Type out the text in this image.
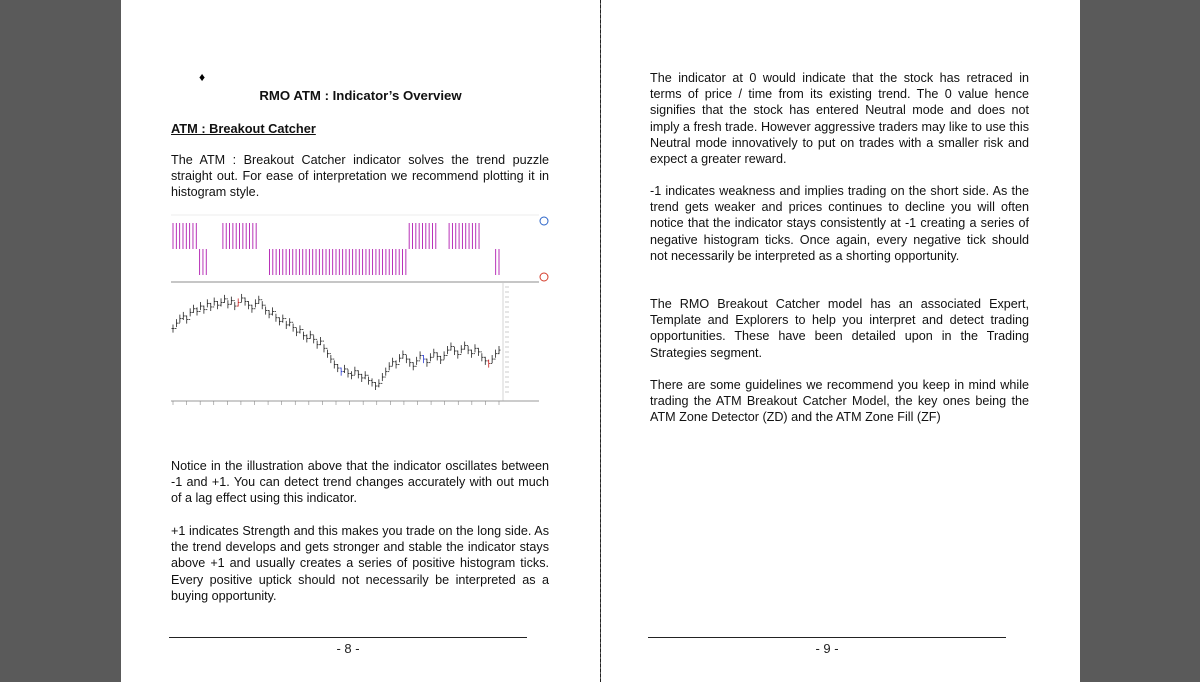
♦
RMO ATM : Indicator’s Overview
ATM : Breakout Catcher

The ATM : Breakout Catcher indicator solves the trend puzzle straight out. For ease of interpretation we recommend plotting it in histogram style.

Notice in the illustration above that the indicator oscillates between -1 and +1. You can detect trend changes accurately with out much of a lag effect using this indicator.

+1 indicates Strength and this makes you trade on the long side. As the trend develops and gets stronger and stable the indicator stays above +1 and usually creates a series of positive histogram ticks. Every positive uptick should not necessarily be interpreted as a buying opportunity.

- 8 -

The indicator at 0 would indicate that the stock has retraced in terms of price / time from its existing trend. The 0 value hence signifies that the stock has entered Neutral mode and does not imply a fresh trade. However aggressive traders may like to use this Neutral mode innovatively to put on trades with a smaller risk and expect a greater reward.

-1 indicates weakness and implies trading on the short side. As the trend gets weaker and prices continues to decline you will often notice that the indicator stays consistently at -1 creating a series of negative histogram ticks. Once again, every negative tick should not necessarily be interpreted as a shorting opportunity.

The RMO Breakout Catcher model has an associated Expert, Template and Explorers to help you interpret and detect trading opportunities. These have been detailed upon in the Trading Strategies segment.

There are some guidelines we recommend you keep in mind while trading the ATM Breakout Catcher Model, the key ones being the ATM Zone Detector (ZD) and the ATM Zone Fill (ZF)

- 9 -
